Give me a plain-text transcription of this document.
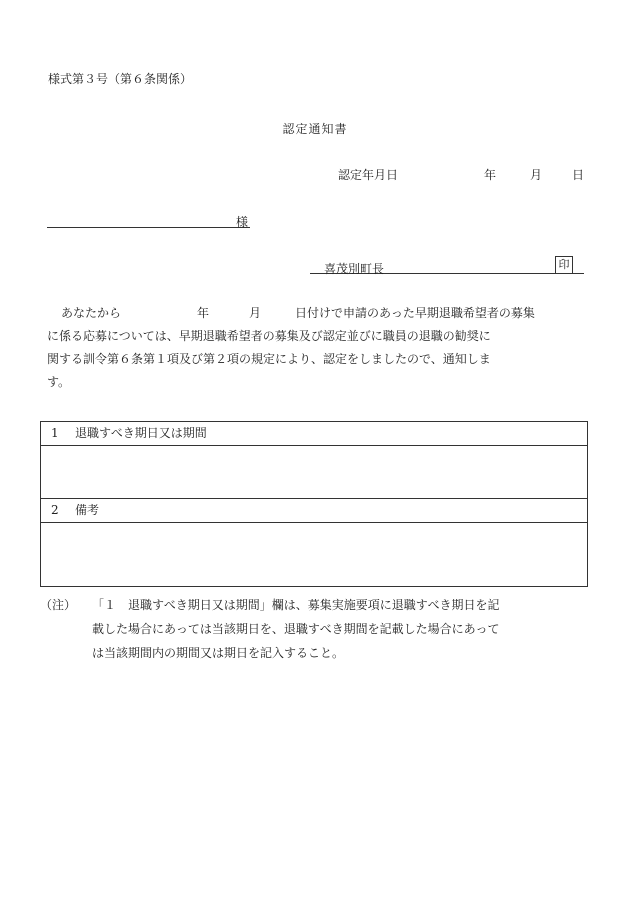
様式第３号（第６条関係）
認定通知書
認定年月日	年	月 日
様
喜茂別町長	印
あなたから	年	月	日付けで申請のあった早期退職希望者の募集
に係る応募については、早期退職希望者の募集及び認定並びに職員の退職の勧奨に
関する訓令第６条第１項及び第２項の規定により、認定をしましたので、通知しま
す。
1 退職すべき期日又は期間
2 備考
（注）	「１　退職すべき期日又は期間」欄は、募集実施要項に退職すべき期日を記
載した場合にあっては当該期日を、退職すべき期間を記載した場合にあって
は当該期間内の期間又は期日を記入すること。
